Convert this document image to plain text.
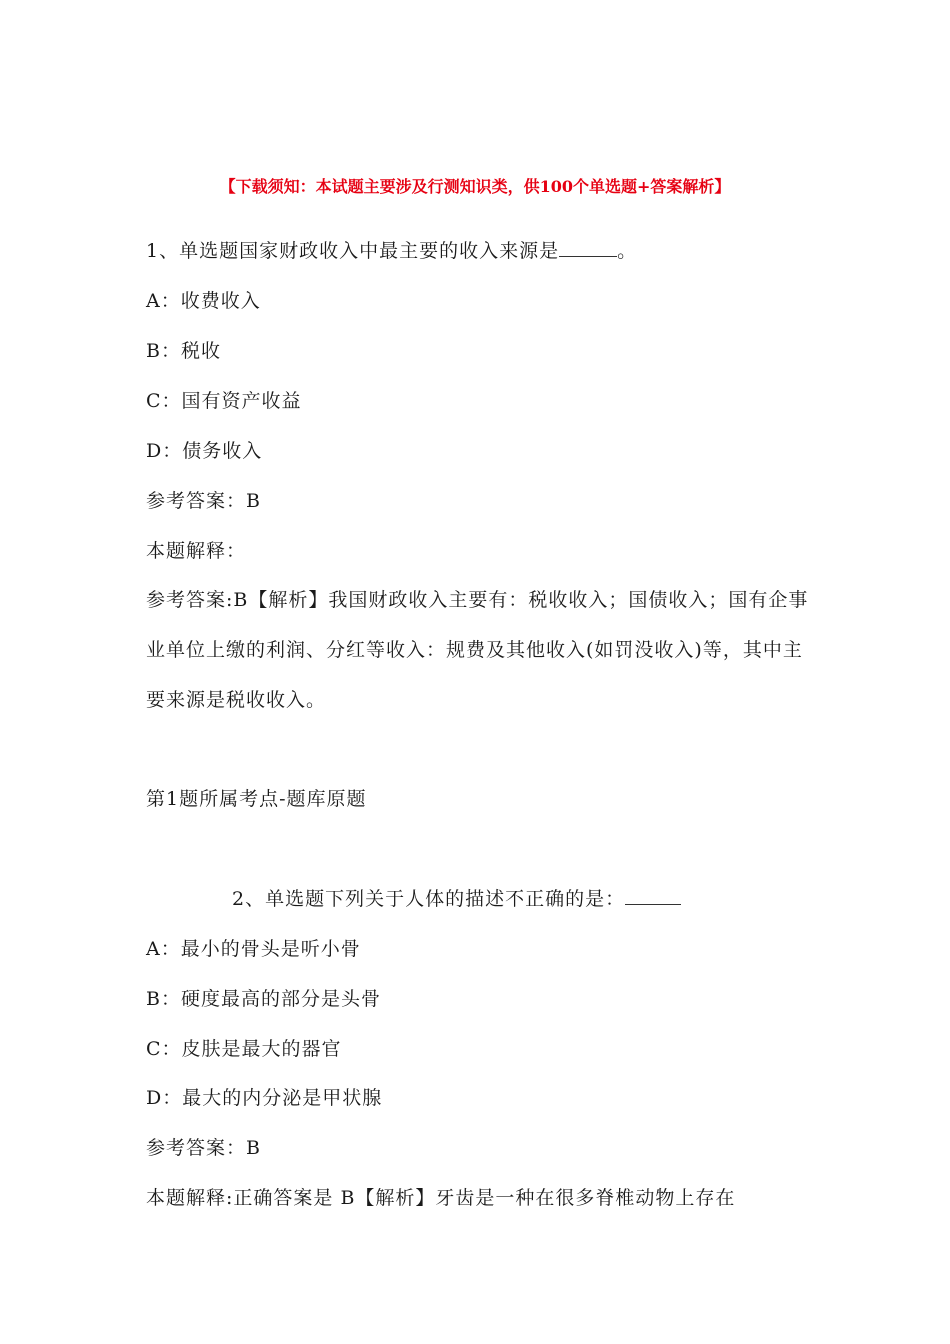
【下载须知：本试题主要涉及行测知识类，供100个单选题+答案解析】
1、单选题国家财政收入中最主要的收入来源是	。
A：收费收入
B：税收
C：国有资产收益
D：债务收入
参考答案：B
本题解释：
参考答案:B【解析】我国财政收入主要有：税收收入；国债收入；国有企事业单位上缴的利润、分红等收入：规费及其他收入(如罚没收入)等，其中主要来源是税收收入。
第1题所属考点-题库原题
2、单选题下列关于人体的描述不正确的是：
A：最小的骨头是听小骨
B：硬度最高的部分是头骨
C：皮肤是最大的器官
D：最大的内分泌是甲状腺
参考答案：B
本题解释:正确答案是 B【解析】牙齿是一种在很多脊椎动物上存在
